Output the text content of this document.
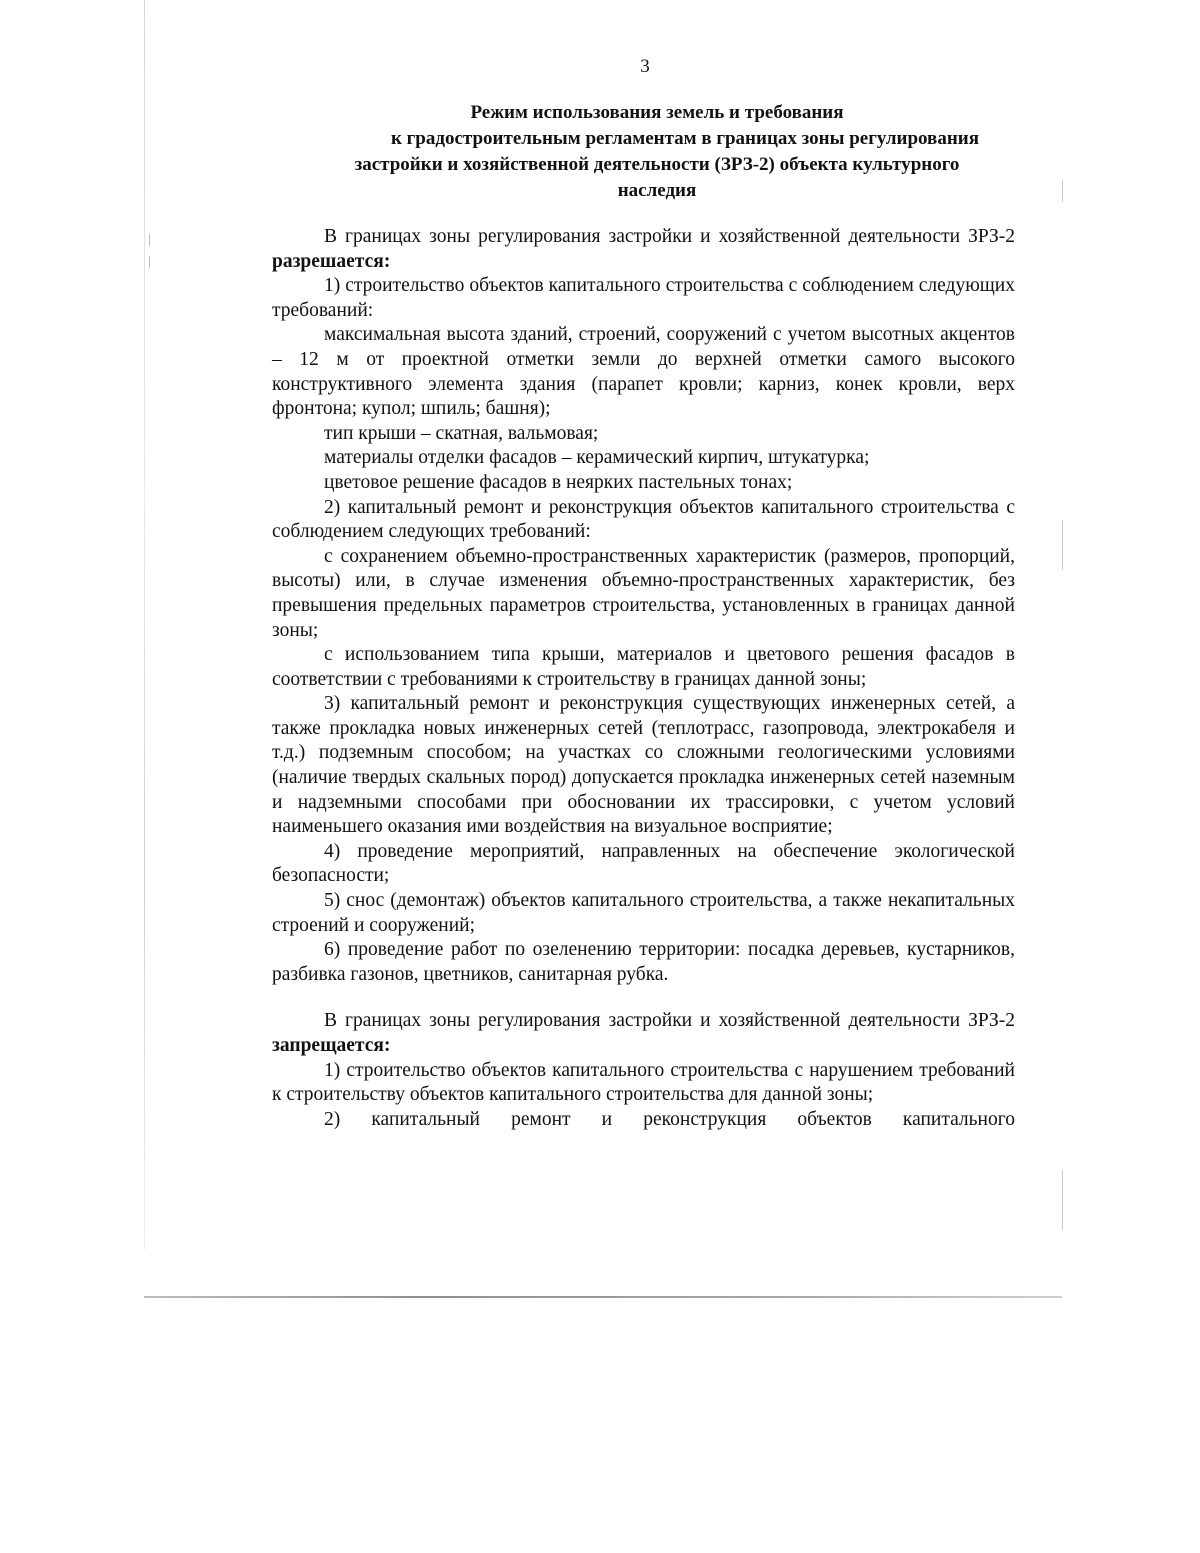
3
Режим использования земель и требования
к градостроительным регламентам в границах зоны регулирования
застройки и хозяйственной деятельности (ЗРЗ-2) объекта культурного
наследия

В границах зоны регулирования застройки и хозяйственной деятельности ЗРЗ-2 разрешается:

1) строительство объектов капитального строительства с соблюдением следующих требований:

максимальная высота зданий, строений, сооружений с учетом высотных акцентов – 12 м от проектной отметки земли до верхней отметки самого высокого конструктивного элемента здания (парапет кровли; карниз, конек кровли, верх фронтона; купол; шпиль; башня);

тип крыши – скатная, вальмовая;

материалы отделки фасадов – керамический кирпич, штукатурка;

цветовое решение фасадов в неярких пастельных тонах;

2) капитальный ремонт и реконструкция объектов капитального строительства с соблюдением следующих требований:

с сохранением объемно-пространственных характеристик (размеров, пропорций, высоты) или, в случае изменения объемно-пространственных характеристик, без превышения предельных параметров строительства, установленных в границах данной зоны;

с использованием типа крыши, материалов и цветового решения фасадов в соответствии с требованиями к строительству в границах данной зоны;

3) капитальный ремонт и реконструкция существующих инженерных сетей, а также прокладка новых инженерных сетей (теплотрасс, газопровода, электрокабеля и т.д.) подземным способом; на участках со сложными геологическими условиями (наличие твердых скальных пород) допускается прокладка инженерных сетей наземным и надземными способами при обосновании их трассировки, с учетом условий наименьшего оказания ими воздействия на визуальное восприятие;

4) проведение мероприятий, направленных на обеспечение экологической безопасности;

5) снос (демонтаж) объектов капитального строительства, а также некапитальных строений и сооружений;

6) проведение работ по озеленению территории: посадка деревьев, кустарников, разбивка газонов, цветников, санитарная рубка.

В границах зоны регулирования застройки и хозяйственной деятельности ЗРЗ-2 запрещается:

1) строительство объектов капитального строительства с нарушением требований к строительству объектов капитального строительства для данной зоны;

2) капитальный ремонт и реконструкция объектов капитального
